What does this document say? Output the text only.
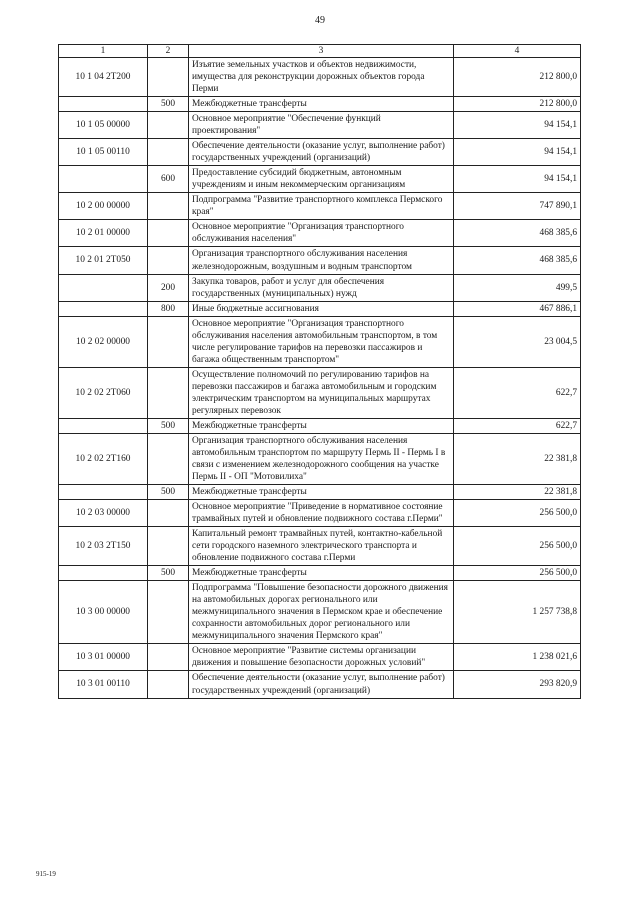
49
1	2	3	4
10 1 04 2Т200		Изъятие земельных участков и объектов недвижимости, имущества для реконструкции дорожных объектов города Перми	212 800,0
	500	Межбюджетные трансферты	212 800,0
10 1 05 00000		Основное мероприятие "Обеспечение функций проектирования"	94 154,1
10 1 05 00110		Обеспечение деятельности (оказание услуг, выполнение работ) государственных учреждений (организаций)	94 154,1
	600	Предоставление субсидий бюджетным, автономным учреждениям и иным некоммерческим организациям	94 154,1
10 2 00 00000		Подпрограмма "Развитие транспортного комплекса Пермского края"	747 890,1
10 2 01 00000		Основное мероприятие "Организация транспортного обслуживания населения"	468 385,6
10 2 01 2Т050		Организация транспортного обслуживания населения железнодорожным, воздушным и водным транспортом	468 385,6
	200	Закупка товаров, работ и услуг для обеспечения государственных (муниципальных) нужд	499,5
	800	Иные бюджетные ассигнования	467 886,1
10 2 02 00000		Основное мероприятие "Организация транспортного обслуживания населения автомобильным транспортом, в том числе регулирование тарифов на перевозки пассажиров и багажа общественным транспортом"	23 004,5
10 2 02 2Т060		Осуществление полномочий по регулированию тарифов на перевозки пассажиров и багажа автомобильным и городским электрическим транспортом на муниципальных маршрутах регулярных перевозок	622,7
	500	Межбюджетные трансферты	622,7
10 2 02 2Т160		Организация транспортного обслуживания населения автомобильным транспортом по маршруту Пермь II - Пермь I в связи с изменением железнодорожного сообщения на участке Пермь II - ОП "Мотовилиха"	22 381,8
	500	Межбюджетные трансферты	22 381,8
10 2 03 00000		Основное мероприятие "Приведение в нормативное состояние трамвайных путей и обновление подвижного состава г.Перми"	256 500,0
10 2 03 2Т150		Капитальный ремонт трамвайных путей, контактно-кабельной сети городского наземного электрического транспорта и обновление подвижного состава г.Перми	256 500,0
	500	Межбюджетные трансферты	256 500,0
10 3 00 00000		Подпрограмма "Повышение безопасности дорожного движения на автомобильных дорогах регионального или межмуниципального значения в Пермском крае и обеспечение сохранности автомобильных дорог регионального или межмуниципального значения Пермского края"	1 257 738,8
10 3 01 00000		Основное мероприятие "Развитие системы организации движения и повышение безопасности дорожных условий"	1 238 021,6
10 3 01 00110		Обеспечение деятельности (оказание услуг, выполнение работ) государственных учреждений (организаций)	293 820,9
915-19
